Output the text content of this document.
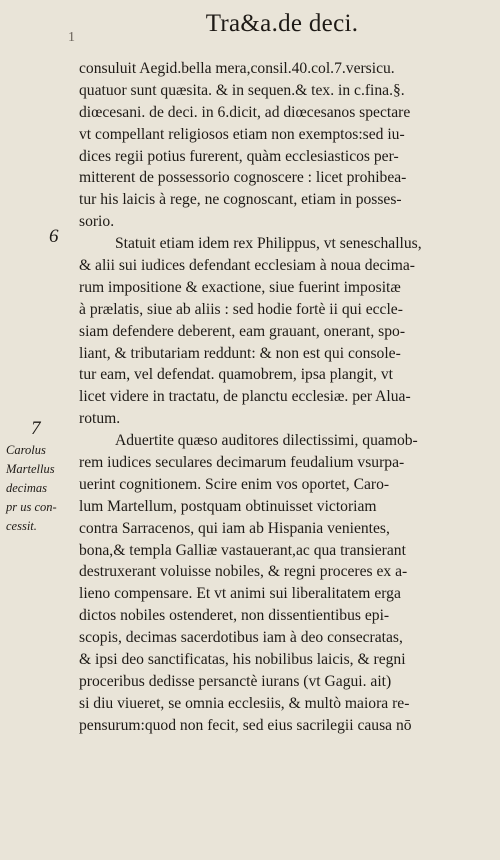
1
Tra&a.de deci.
6
7
Carolus
Martellus
decimas
pr us con-
cessit.
consuluit Aegid.bella mera,consil.40.col.7.versicu.
quatuor sunt quæsita. & in sequen.& tex. in c.fina.§.
diœcesani. de deci. in 6.dicit, ad diœcesanos spectare
vt compellant religiosos etiam non exemptos:sed iu-
dices regii potius furerent, quàm ecclesiasticos per-
mitterent de possessorio cognoscere : licet prohibea-
tur his laicis à rege, ne cognoscant, etiam in posses-
sorio.
Statuit etiam idem rex Philippus, vt seneschallus,
& alii sui iudices defendant ecclesiam à noua decima-
rum impositione & exactione, siue fuerint impositæ
à prælatis, siue ab aliis : sed hodie fortè ii qui eccle-
siam defendere deberent, eam grauant, onerant, spo-
liant, & tributariam reddunt: & non est qui console-
tur eam, vel defendat. quamobrem, ipsa plangit, vt
licet videre in tractatu, de planctu ecclesiæ. per Alua-
rotum.
Aduertite quæso auditores dilectissimi, quamob-
rem iudices seculares decimarum feudalium vsurpa-
uerint cognitionem. Scire enim vos oportet, Caro-
lum Martellum, postquam obtinuisset victoriam
contra Sarracenos, qui iam ab Hispania venientes,
bona,& templa Galliæ vastauerant,ac qua transierant
destruxerant voluisse nobiles, & regni proceres ex a-
lieno compensare. Et vt animi sui liberalitatem erga
dictos nobiles ostenderet, non dissentientibus epi-
scopis, decimas sacerdotibus iam à deo consecratas,
& ipsi deo sanctificatas, his nobilibus laicis, & regni
proceribus dedisse persanctè iurans (vt Gagui. ait)
si diu viueret, se omnia ecclesiis, & multò maiora re-
pensurum:quod non fecit, sed eius sacrilegii causa nō
